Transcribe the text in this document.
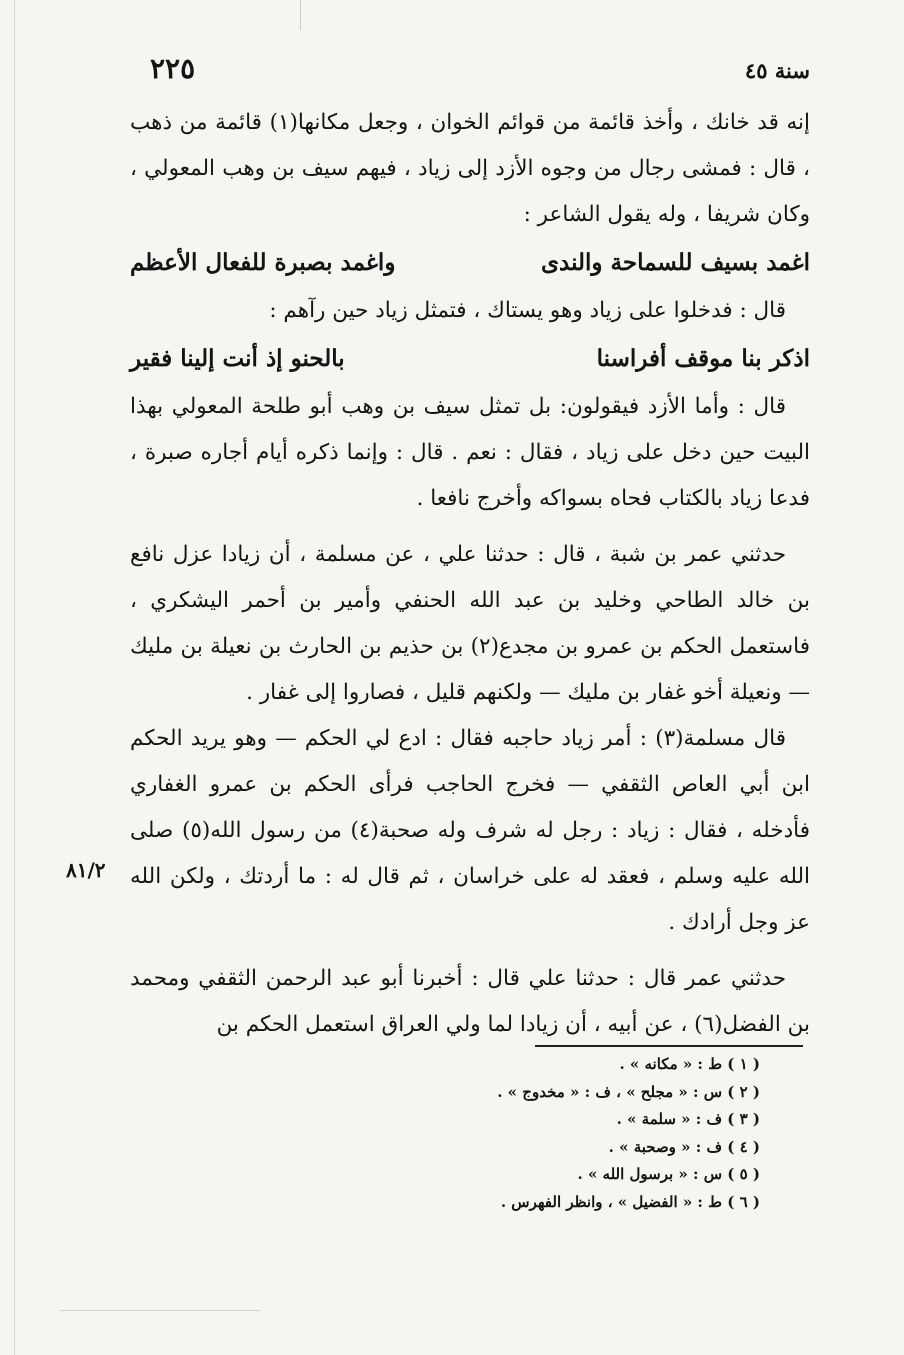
٢٢٥	سنة ٤٥

إنه قد خانك ، وأخذ قائمة من قوائم الخوان ، وجعل مكانها(١) قائمة من ذهب ، قال : فمشى رجال من وجوه الأزد إلى زياد ، فيهم سيف بن وهب المعولي ، وكان شريفا ، وله يقول الشاعر :

اغمد بسيف للسماحة والندى
واغمد بصبرة للفعال الأعظم

قال : فدخلوا على زياد وهو يستاك ، فتمثل زياد حين رآهم :

اذكر بنا موقف أفراسنا
بالحنو إذ أنت إلينا فقير

قال : وأما الأزد فيقولون: بل تمثل سيف بن وهب أبو طلحة المعولي بهذا البيت حين دخل على زياد ، فقال : نعم . قال : وإنما ذكره أيام أجاره صبرة ، فدعا زياد بالكتاب فحاه بسواكه وأخرج نافعا .

حدثني عمر بن شبة ، قال : حدثنا علي ، عن مسلمة ، أن زيادا عزل نافع بن خالد الطاحي وخليد بن عبد الله الحنفي وأمير بن أحمر اليشكري ، فاستعمل الحكم بن عمرو بن مجدع(٢) بن حذيم بن الحارث بن نعيلة بن مليك — ونعيلة أخو غفار بن مليك — ولكنهم قليل ، فصاروا إلى غفار .

قال مسلمة(٣) : أمر زياد حاجبه فقال : ادع لي الحكم — وهو يريد الحكم ابن أبي العاص الثقفي — فخرج الحاجب فرأى الحكم بن عمرو الغفاري فأدخله ، فقال : زياد : رجل له شرف وله صحبة(٤) من رسول الله(٥) صلى الله عليه وسلم ، فعقد له على خراسان ، ثم قال له : ما أردتك ، ولكن الله عز وجل أرادك .

حدثني عمر قال : حدثنا علي قال : أخبرنا أبو عبد الرحمن الثقفي ومحمد بن الفضل(٦) ، عن أبيه ، أن زيادا لما ولي العراق استعمل الحكم بن

٨١/٢
( ١ ) ط : « مكانه » .
( ٢ ) س : « مجلح » ، ف : « مخدوج » .
( ٣ ) ف : « سلمة » .
( ٤ ) ف : « وصحبة » .
( ٥ ) س : « برسول الله » .
( ٦ ) ط : « الفضيل » ، وانظر الفهرس .
